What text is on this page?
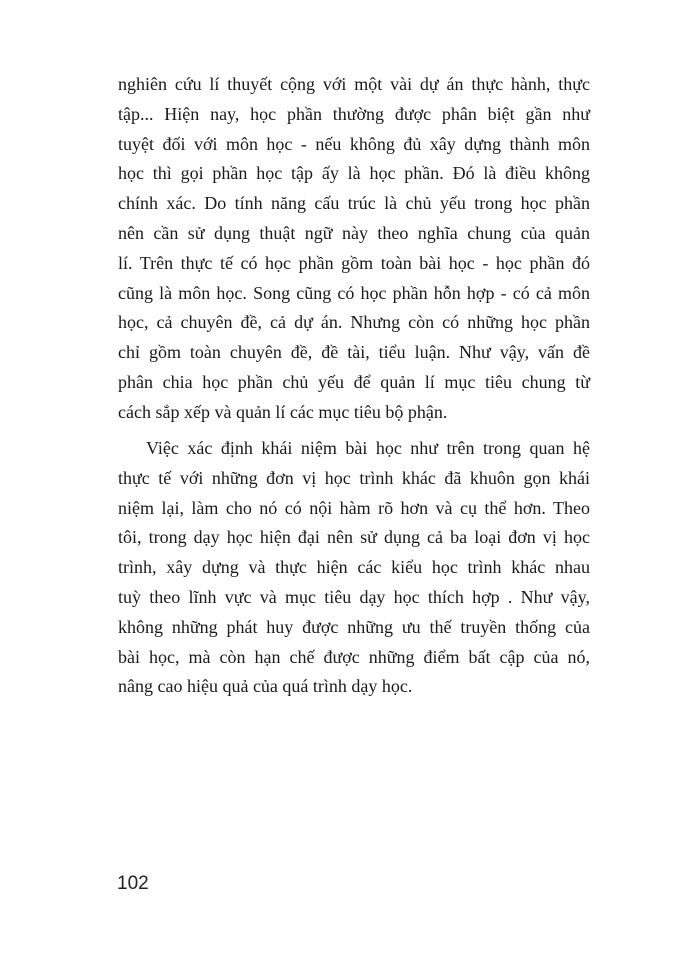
nghiên cứu lí thuyết cộng với một vài dự án thực hành, thực
tập... Hiện nay, học phần thường được phân biệt gần như
tuyệt đối với môn học - nếu không đủ xây dựng thành môn
học thì gọi phần học tập ấy là học phần. Đó là điều không
chính xác. Do tính năng cấu trúc là chủ yếu trong học phần
nên cần sử dụng thuật ngữ này theo nghĩa chung của quản
lí. Trên thực tế có học phần gồm toàn bài học - học phần đó
cũng là môn học. Song cũng có học phần hỗn hợp - có cả môn
học, cả chuyên đề, cả dự án. Nhưng còn có những học phần
chỉ gồm toàn chuyên đề, đề tài, tiểu luận. Như vậy, vấn đề
phân chia học phần chủ yếu để quản lí mục tiêu chung từ
cách sắp xếp và quản lí các mục tiêu bộ phận.
Việc xác định khái niệm bài học như trên trong quan hệ
thực tế với những đơn vị học trình khác đã khuôn gọn khái
niệm lại, làm cho nó có nội hàm rõ hơn và cụ thể hơn. Theo
tôi, trong dạy học hiện đại nên sử dụng cả ba loại đơn vị học
trình, xây dựng và thực hiện các kiểu học trình khác nhau
tuỳ theo lĩnh vực và mục tiêu dạy học thích hợp . Như vậy,
không những phát huy được những ưu thế truyền thống của
bài học, mà còn hạn chế được những điểm bất cập của nó,
nâng cao hiệu quả của quá trình dạy học.
102
